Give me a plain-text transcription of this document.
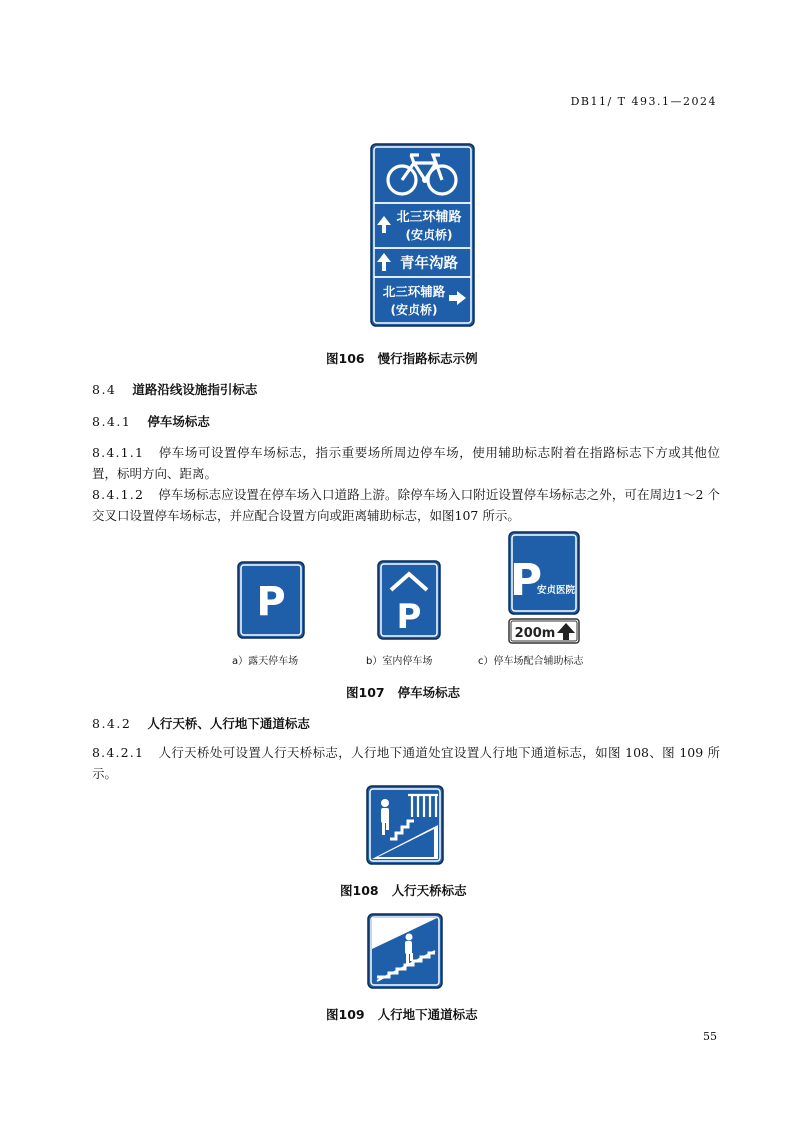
DB11/ T 493.1—2024
北三环辅路
(安贞桥)
青年沟路
北三环辅路
(安贞桥)
图106 慢行指路标志示例
8.4 道路沿线设施指引标志
8.4.1 停车场标志
8.4.1.1 停车场可设置停车场标志，指示重要场所周边停车场，使用辅助标志附着在指路标志下方或其他位置，标明方向、距离。
8.4.1.2 停车场标志应设置在停车场入口道路上游。除停车场入口附近设置停车场标志之外，可在周边1～2 个交叉口设置停车场标志，并应配合设置方向或距离辅助标志，如图107 所示。
P	P
P
安贞医院
200m
a）露天停车场	b）室内停车场	c）停车场配合辅助标志
图107 停车场标志
8.4.2 人行天桥、人行地下通道标志
8.4.2.1 人行天桥处可设置人行天桥标志，人行地下通道处宜设置人行地下通道标志，如图 108、图 109 所示。
图108 人行天桥标志
图109 人行地下通道标志
55
